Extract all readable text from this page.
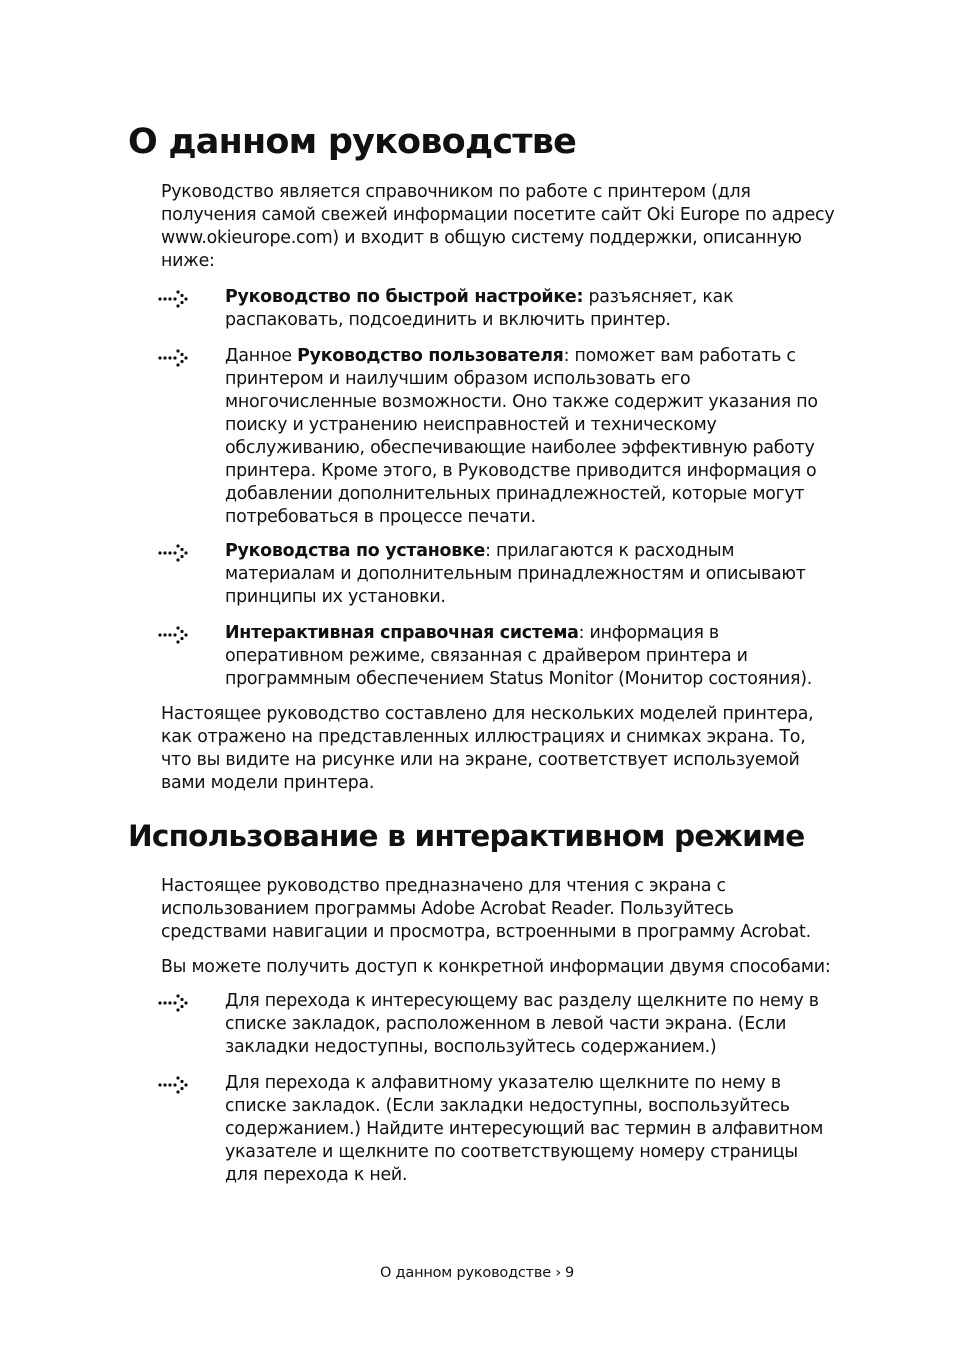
О данном руководстве

Руководство является справочником по работе с принтером (для получения самой свежей информации посетите сайт Oki Europe по адресу www.okieurope.com) и входит в общую систему поддержки, описанную ниже:

Руководство по быстрой настройке: разъясняет, как распаковать, подсоединить и включить принтер.

Данное Руководство пользователя: поможет вам работать с принтером и наилучшим образом использовать его многочисленные возможности. Оно также содержит указания по поиску и устранению неисправностей и техническому обслуживанию, обеспечивающие наиболее эффективную работу принтера. Кроме этого, в Руководстве приводится информация о добавлении дополнительных принадлежностей, которые могут потребоваться в процессе печати.

Руководства по установке: прилагаются к расходным материалам и дополнительным принадлежностям и описывают принципы их установки.

Интерактивная справочная система: информация в оперативном режиме, связанная с драйвером принтера и программным обеспечением Status Monitor (Монитор состояния).

Настоящее руководство составлено для нескольких моделей принтера, как отражено на представленных иллюстрациях и снимках экрана. То, что вы видите на рисунке или на экране, соответствует используемой вами модели принтера.

Использование в интерактивном режиме

Настоящее руководство предназначено для чтения с экрана с использованием программы Adobe Acrobat Reader. Пользуйтесь средствами навигации и просмотра, встроенными в программу Acrobat.

Вы можете получить доступ к конкретной информации двумя способами:

Для перехода к интересующему вас разделу щелкните по нему в списке закладок, расположенном в левой части экрана. (Если закладки недоступны, воспользуйтесь содержанием.)

Для перехода к алфавитному указателю щелкните по нему в списке закладок. (Если закладки недоступны, воспользуйтесь содержанием.) Найдите интересующий вас термин в алфавитном указателе и щелкните по соответствующему номеру страницы для перехода к ней.

О данном руководстве › 9
